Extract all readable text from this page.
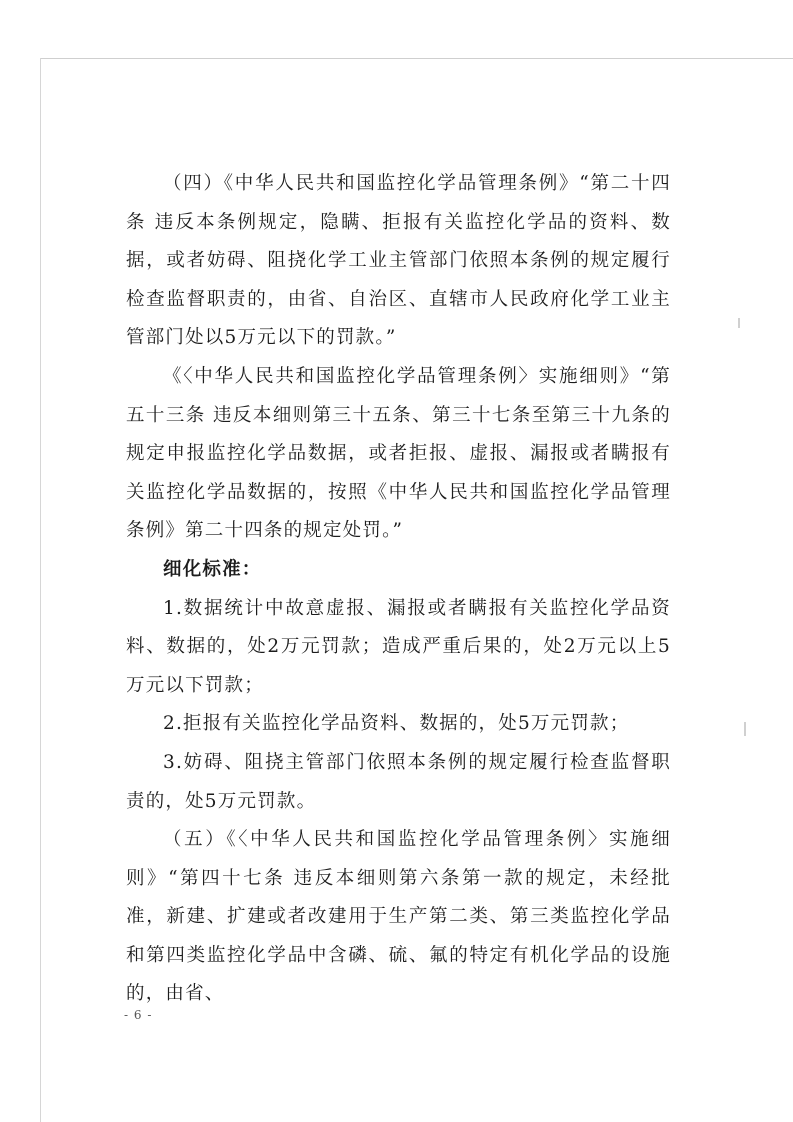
（四）《中华人民共和国监控化学品管理条例》“第二十四条 违反本条例规定，隐瞒、拒报有关监控化学品的资料、数据，或者妨碍、阻挠化学工业主管部门依照本条例的规定履行检查监督职责的，由省、自治区、直辖市人民政府化学工业主管部门处以5万元以下的罚款。”

《〈中华人民共和国监控化学品管理条例〉实施细则》“第五十三条 违反本细则第三十五条、第三十七条至第三十九条的规定申报监控化学品数据，或者拒报、虚报、漏报或者瞒报有关监控化学品数据的，按照《中华人民共和国监控化学品管理条例》第二十四条的规定处罚。”

细化标准：

1.数据统计中故意虚报、漏报或者瞒报有关监控化学品资料、数据的，处2万元罚款；造成严重后果的，处2万元以上5万元以下罚款；

2.拒报有关监控化学品资料、数据的，处5万元罚款；

3.妨碍、阻挠主管部门依照本条例的规定履行检查监督职责的，处5万元罚款。

（五）《〈中华人民共和国监控化学品管理条例〉实施细则》“第四十七条 违反本细则第六条第一款的规定，未经批准，新建、扩建或者改建用于生产第二类、第三类监控化学品和第四类监控化学品中含磷、硫、氟的特定有机化学品的设施的，由省、

- 6 -
